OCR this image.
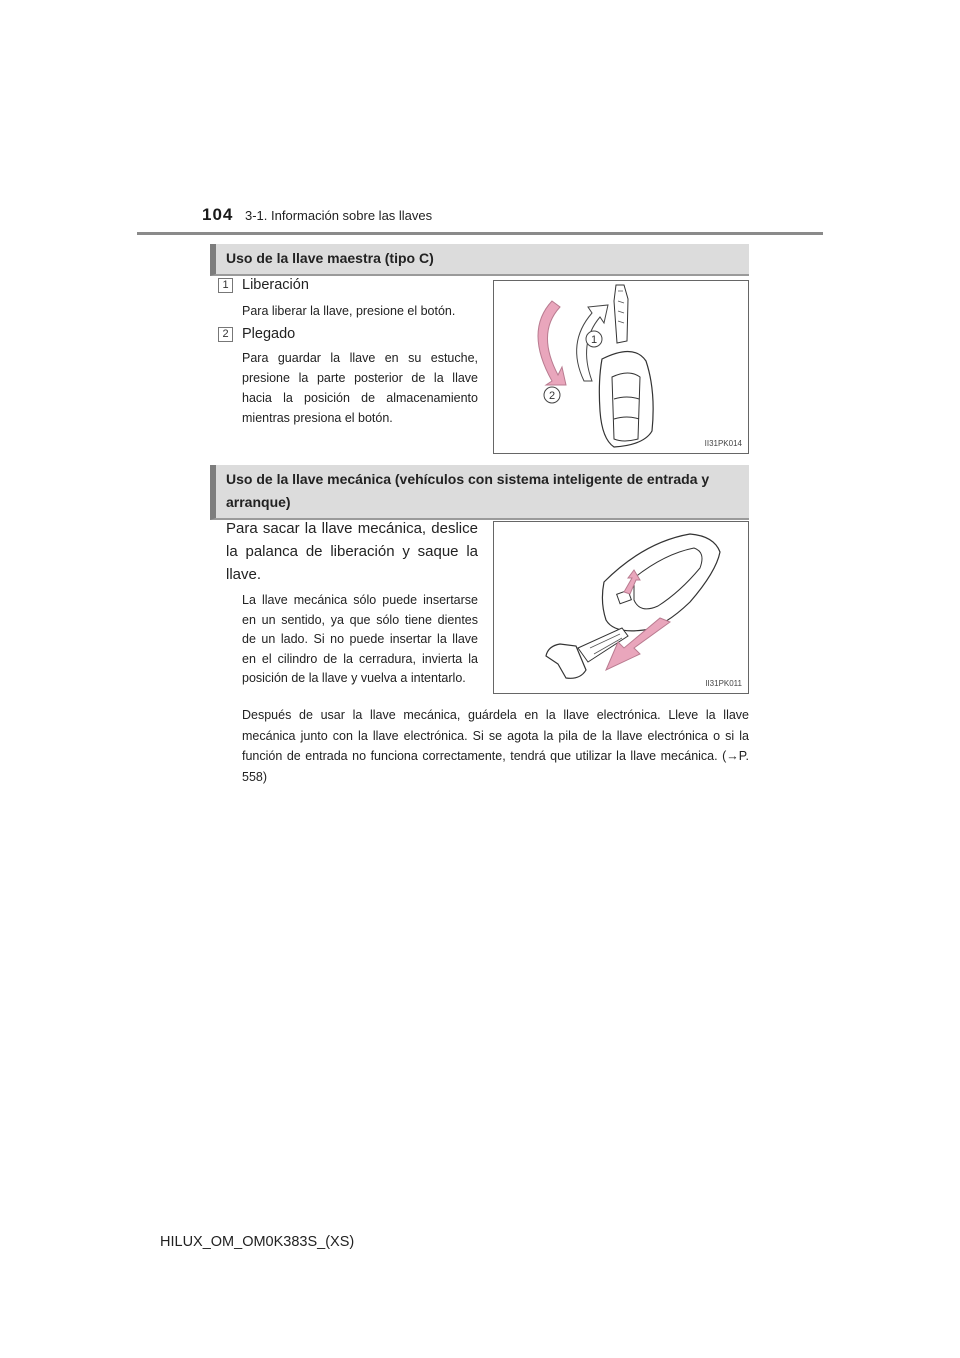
104 3-1. Información sobre las llaves
Uso de la llave maestra (tipo C)
1 Liberación
Para liberar la llave, presione el botón.
2 Plegado
Para guardar la llave en su estuche, presione la parte posterior de la llave hacia la posición de almacenamiento mientras presiona el botón.
1
2
II31PK014
Uso de la llave mecánica (vehículos con sistema inteligente de entrada y arranque)
Para sacar la llave mecánica, deslice la palanca de liberación y saque la llave.
La llave mecánica sólo puede insertarse en un sentido, ya que sólo tiene dientes de un lado. Si no puede insertar la llave en el cilindro de la cerradura, invierta la posición de la llave y vuelva a intentarlo.	II31PK011
Después de usar la llave mecánica, guárdela en la llave electrónica. Lleve la llave mecánica junto con la llave electrónica. Si se agota la pila de la llave electrónica o si la función de entrada no funciona correctamente, tendrá que utilizar la llave mecánica. (→P. 558)
HILUX_OM_OM0K383S_(XS)
